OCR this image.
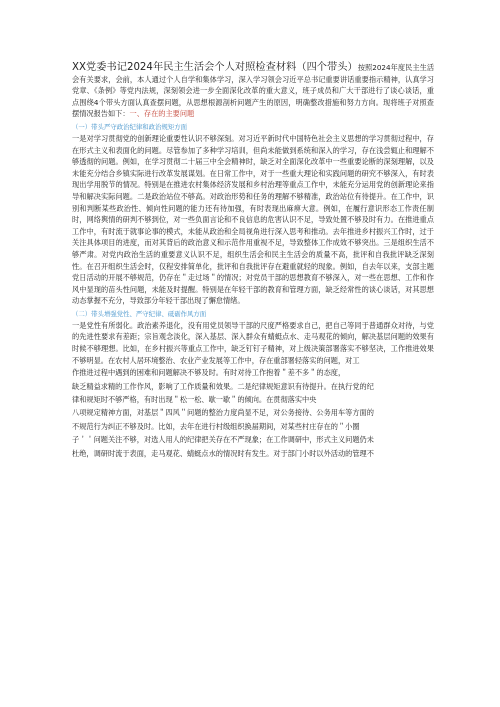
XX党委书记2024年民主生活会个人对照检查材料（四个带头）按照2024年度民主生活会有关要求，会前，本人通过个人自学和集体学习，深入学习领会习近平总书记重要讲话重要指示精神，认真学习党章、《条例》等党内法规，深刻领会进一步全面深化改革的重大意义，班子成员和广大干部进行了谈心谈话，重点围绕4个带头方面认真查摆问题，从思想根源剖析问题产生的原因，明确整改措施和努力方向。现将班子对照查摆情况报告如下：一、存在的主要问题

（一）带头严守政治纪律和政治规矩方面

一是对学习贯彻党的创新理论重要性认识不够深刻。对习近平新时代中国特色社会主义思想的学习贯彻过程中，存在形式主义和表面化的问题。尽管参加了多种学习培训，但尚未能做到系统和深入的学习，存在浅尝辄止和理解不够透彻的问题。例如，在学习贯彻二十届三中全会精神时，缺乏对全面深化改革中一些重要论断的深刻理解，以及未能充分结合乡镇实际进行改革发展谋划。在日常工作中，对于一些重大理论和实践问题的研究不够深入，有时表现出学用脱节的情况。特别是在推进农村集体经济发展和乡村治理等重点工作中，未能充分运用党的创新理论来指导和解决实际问题。二是政治站位不够高。对政治形势和任务的理解不够精准，政治站位有待提升。在工作中，识别和判断某些政治性、倾向性问题的能力还有待加强，有时表现出麻痹大意。例如，在履行意识形态工作责任制时，网络舆情的研判不够到位，对一些负面言论和不良信息的危害认识不足，导致处置不够及时有力。在推进重点工作中，有时流于就事论事的模式，未能从政治和全局视角进行深入思考和推动。去年推进乡村振兴工作时，过于关注具体项目的进度，而对其背后的政治意义和示范作用重视不足，导致整体工作成效不够突出。三是组织生活不够严肃。对党内政治生活的重要意义认识不足，组织生活会和民主生活会的质量不高，批评和自我批评缺乏深刻性。在召开组织生活会时，仅程安排简单化，批评和自我批评存在避重就轻的现象。例如，自去年以来，支部主题党日活动的开展不够规范，仍存在＂走过场＂的情况；对党员干部的思想教育不够深入，对一些在思想、工作和作风中显现的苗头性问题，未能及时提醒。特别是在年轻干部的教育和管理方面，缺乏经常性的谈心谈话，对其思想动态掌握不充分，导致部分年轻干部出现了懈怠情绪。

（二）带头增强党性、严守纪律、砥砺作风方面

一是党性有所弱化。政治素养退化，没有用党员领导干部的尺度严格要求自己，把自己等同于普通群众对待，与党的先进性要求有差距；宗旨观念淡化，深入基层、深入群众有蜻蜓点水、走马观花的倾向，解决基层问题的效果有时候不够理想。比如，在乡村振兴等重点工作中，缺乏钉钉子精神，对上级决策部署落实不够坚决，工作推进效果不够明显。在农村人居环境整治、农业产业发展等工作中，存在重部署轻落实的问题，对工

作推进过程中遇到的困难和问题解决不够及时。有时对待工作抱着＂差不多＂的态度，

缺乏精益求精的工作作风，影响了工作质量和效果。二是纪律规矩意识有待提升。在执行党的纪

律和规矩时不够严格，有时出现＂松一松、歇一歇＂的倾向。在贯彻落实中央

八项规定精神方面，对基层＂四风＂问题的整治力度尚显不足，对公务接待、公务用车等方面的

不规范行为纠正不够及时。比如，去年在进行村级组织换届期间，对某些村庄存在的＂小圈

子＇＇问题关注不够，对选人用人的纪律把关存在不严现象；在工作调研中，形式主义问题仍未

杜绝，调研时流于表面，走马观花、蜻蜓点水的情况时有发生。对于部门小时以外活动的管理不
